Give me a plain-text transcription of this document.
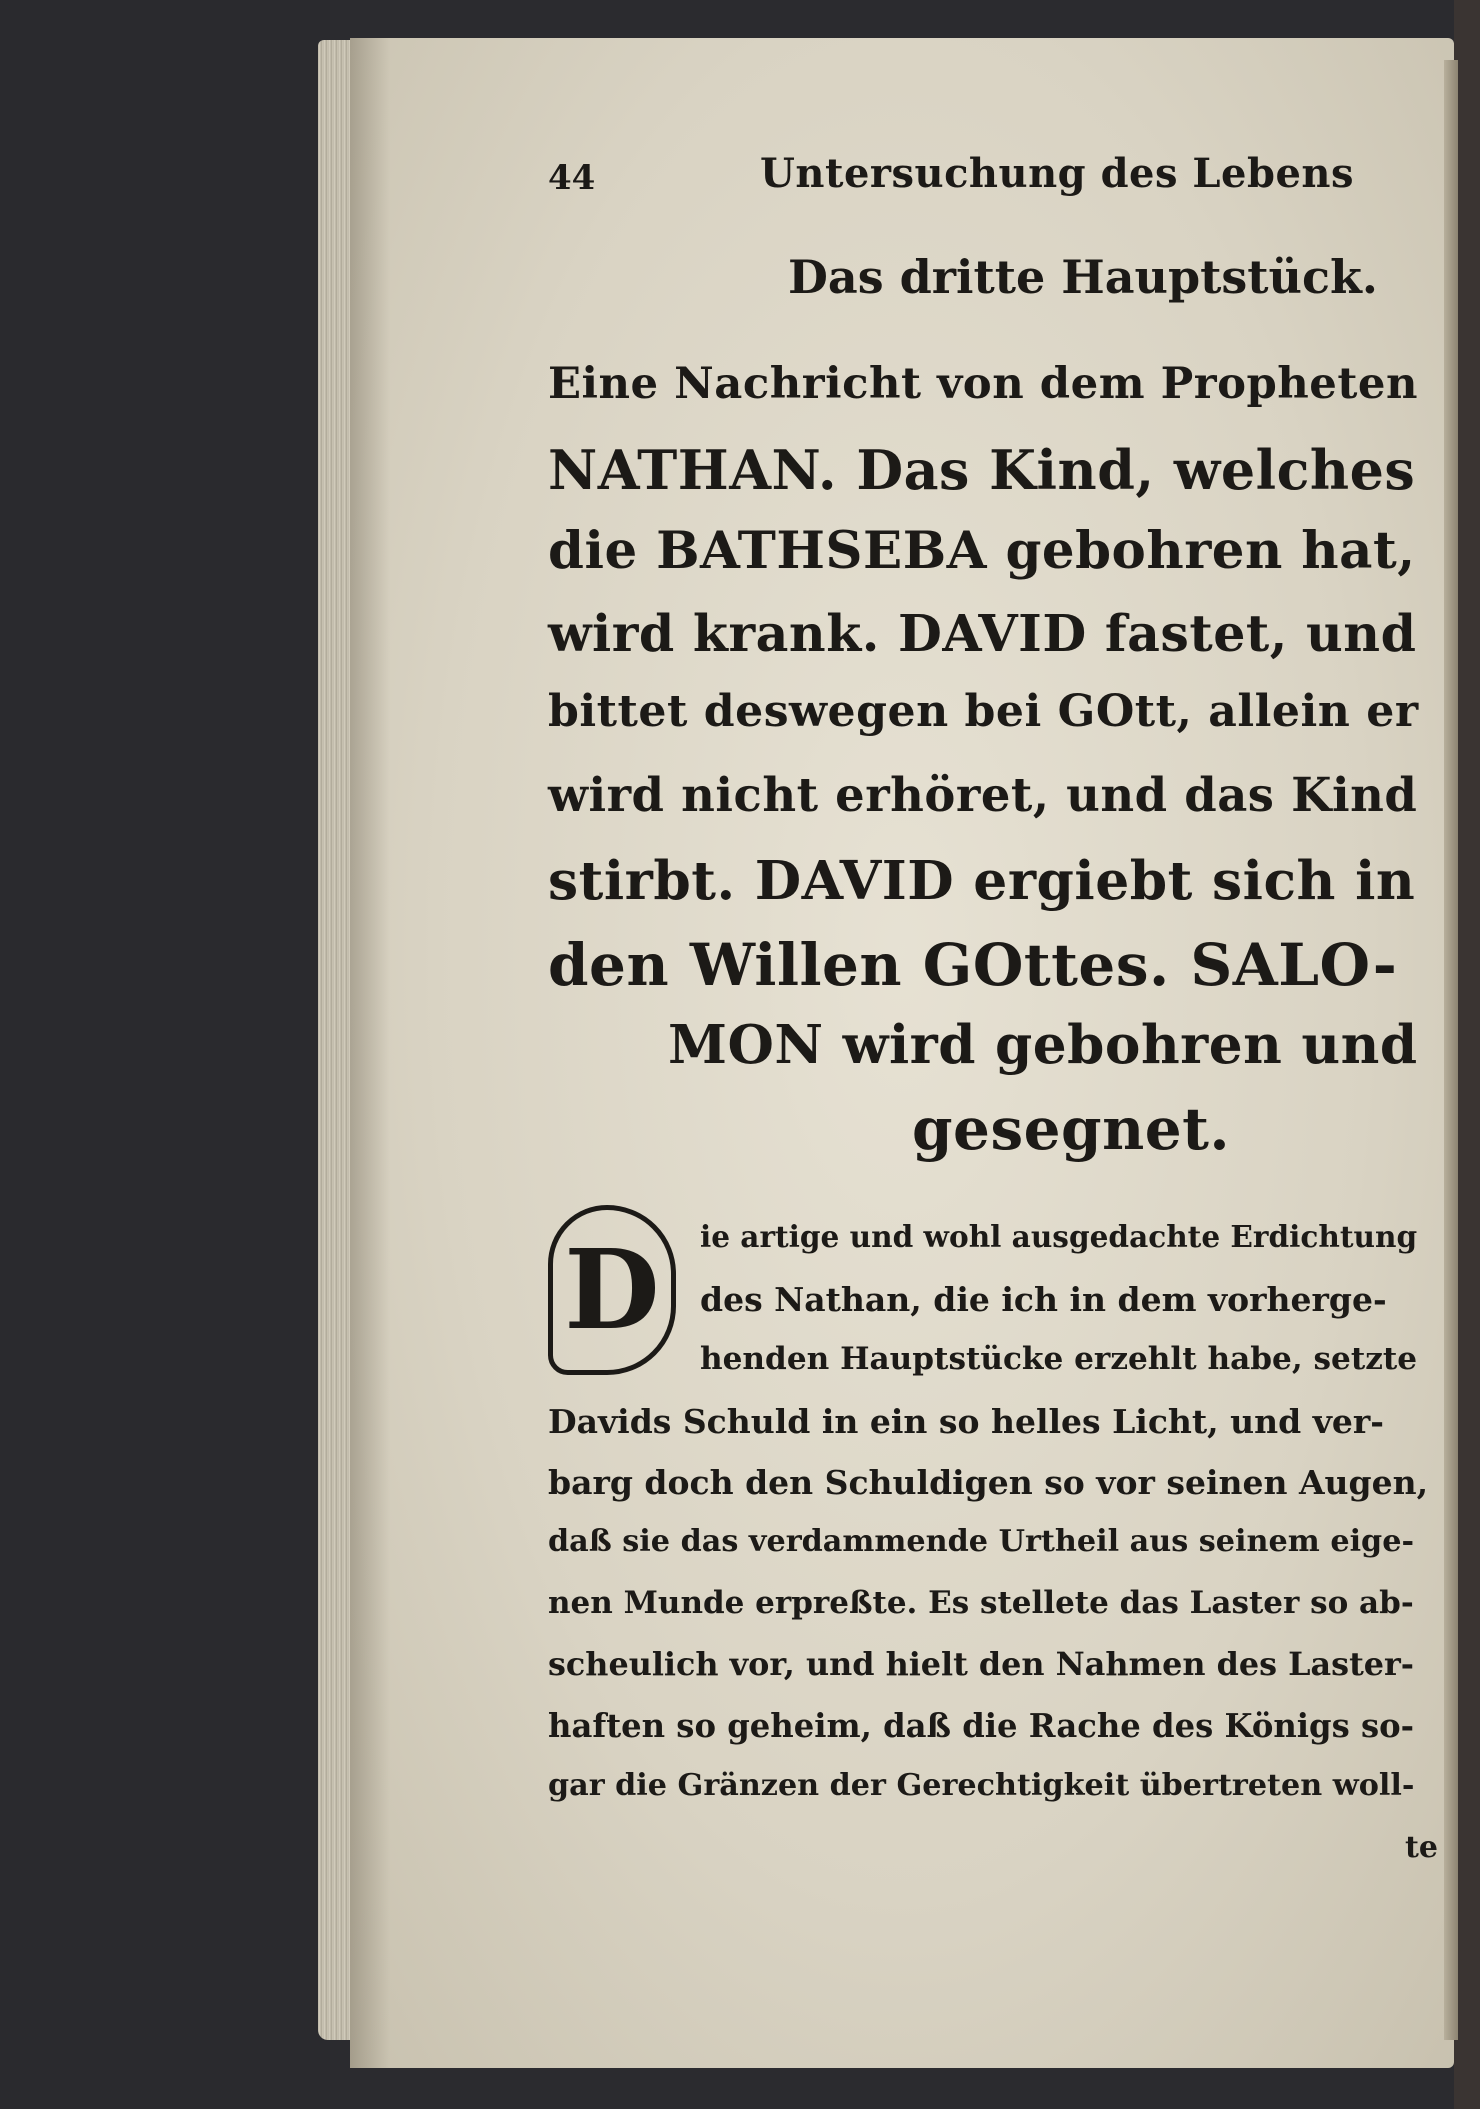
44	Untersuchung des Lebens
Das dritte Hauptstück.
Eine Nachricht von dem Propheten
NATHAN. Das Kind, welches
die BATHSEBA gebohren hat,
wird krank. DAVID fastet, und
bittet deswegen bei GOtt, allein er
wird nicht erhöret, und das Kind
stirbt. DAVID ergiebt sich in
den Willen GOttes. SALO-
MON wird gebohren und
gesegnet.
D	ie artige und wohl ausgedachte Erdichtung
des Nathan, die ich in dem vorherge-
henden Hauptstücke erzehlt habe, setzte
Davids Schuld in ein so helles Licht, und ver-
barg doch den Schuldigen so vor seinen Augen,
daß sie das verdammende Urtheil aus seinem eige-
nen Munde erpreßte. Es stellete das Laster so ab-
scheulich vor, und hielt den Nahmen des Laster-
haften so geheim, daß die Rache des Königs so-
gar die Gränzen der Gerechtigkeit übertreten woll-
te
